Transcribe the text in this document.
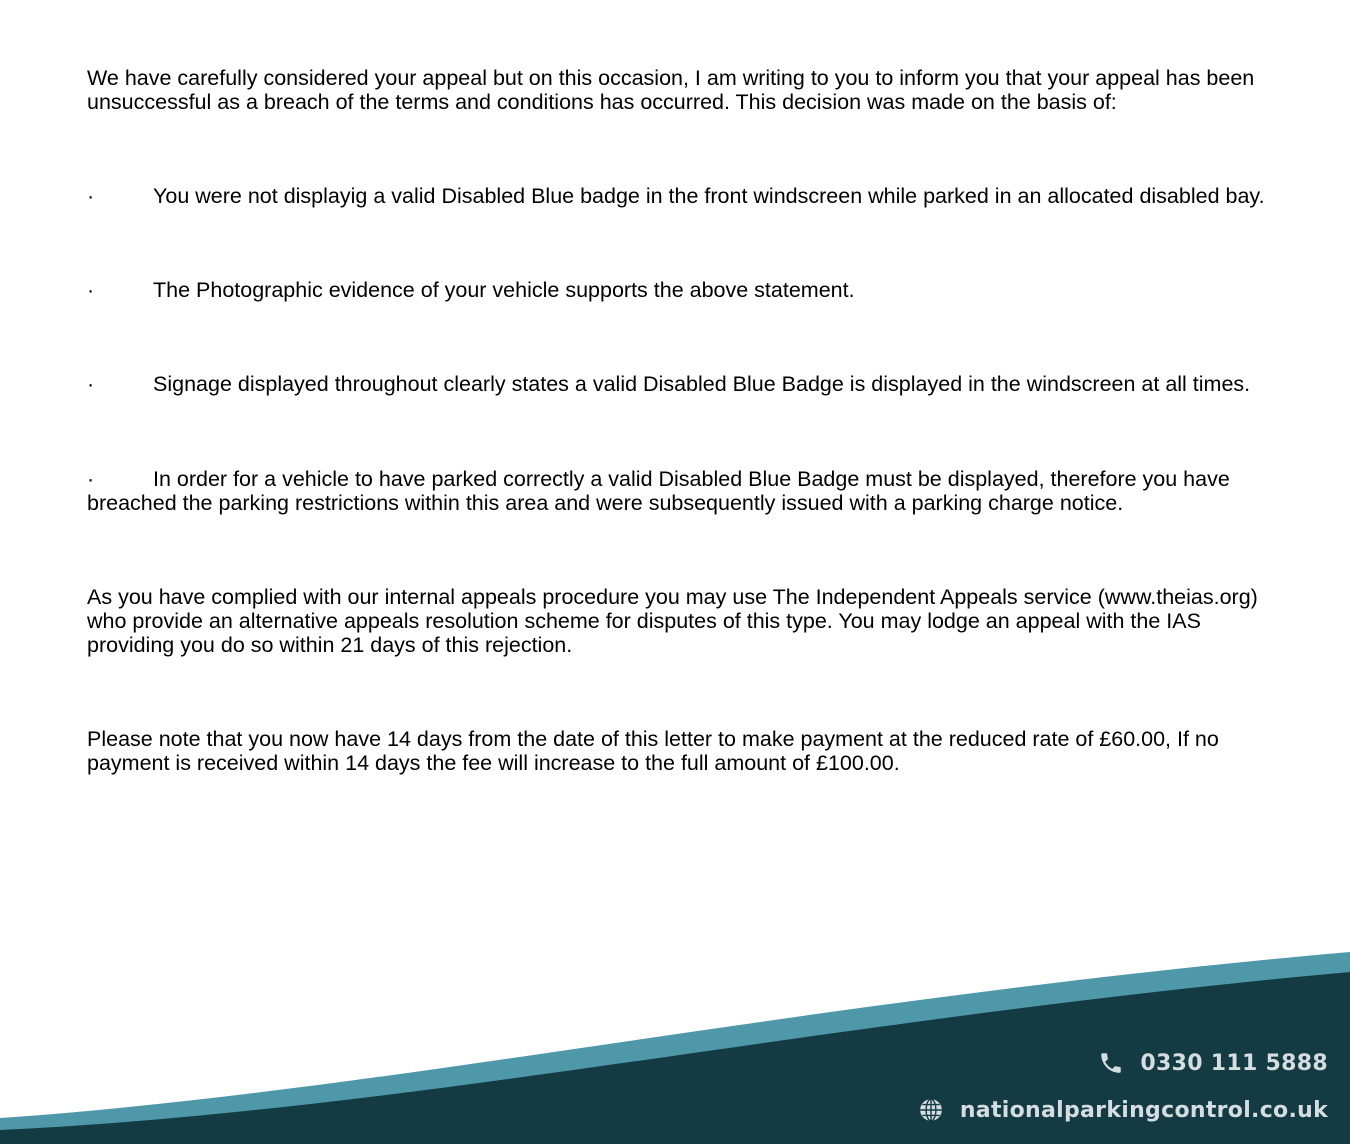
We have carefully considered your appeal but on this occasion, I am writing to you to inform you that your appeal has been unsuccessful as a breach of the terms and conditions has occurred. This decision was made on the basis of:

·	You were not displayig a valid Disabled Blue badge in the front windscreen while parked in an allocated disabled bay.

·	The Photographic evidence of your vehicle supports the above statement.

·	Signage displayed throughout clearly states a valid Disabled Blue Badge is displayed in the windscreen at all times.

·	In order for a vehicle to have parked correctly a valid Disabled Blue Badge must be displayed, therefore you have breached the parking restrictions within this area and were subsequently issued with a parking charge notice.

As you have complied with our internal appeals procedure you may use The Independent Appeals service (www.theias.org) who provide an alternative appeals resolution scheme for disputes of this type. You may lodge an appeal with the IAS providing you do so within 21 days of this rejection.

Please note that you now have 14 days from the date of this letter to make payment at the reduced rate of £60.00, If no payment is received within 14 days the fee will increase to the full amount of £100.00.

0330 111 5888
nationalparkingcontrol.co.uk
